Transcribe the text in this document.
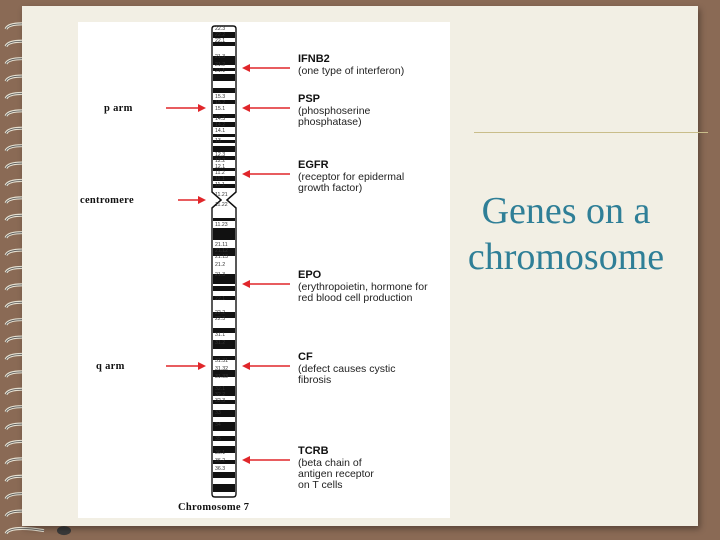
Genes on a chromosome
22.3
22.2
22.1
21.3
21.2
21.1
15.3
15.2
15.1
14.3
14.2
14.1
13
12.3
12.2
12.1
11.2
11.1
11.1
11.21
11.22
11.23
21.11
21.12
21.13
21.2
21.3
22.1
22.2
22.3
31.1
31.2
31.31
31.32
31.33
32.1
32.2
32.3
33
34
35
36.1
36.2
36.3
p arm
centromere
q arm
IFNB2
(one type of interferon)
PSP
(phosphoserine
phosphatase)
EGFR
(receptor for epidermal
growth factor)
EPO
(erythropoietin, hormone for
red blood cell production
CF
(defect causes cystic
fibrosis
TCRB
(beta chain of
antigen receptor
on T cells
Chromosome 7
